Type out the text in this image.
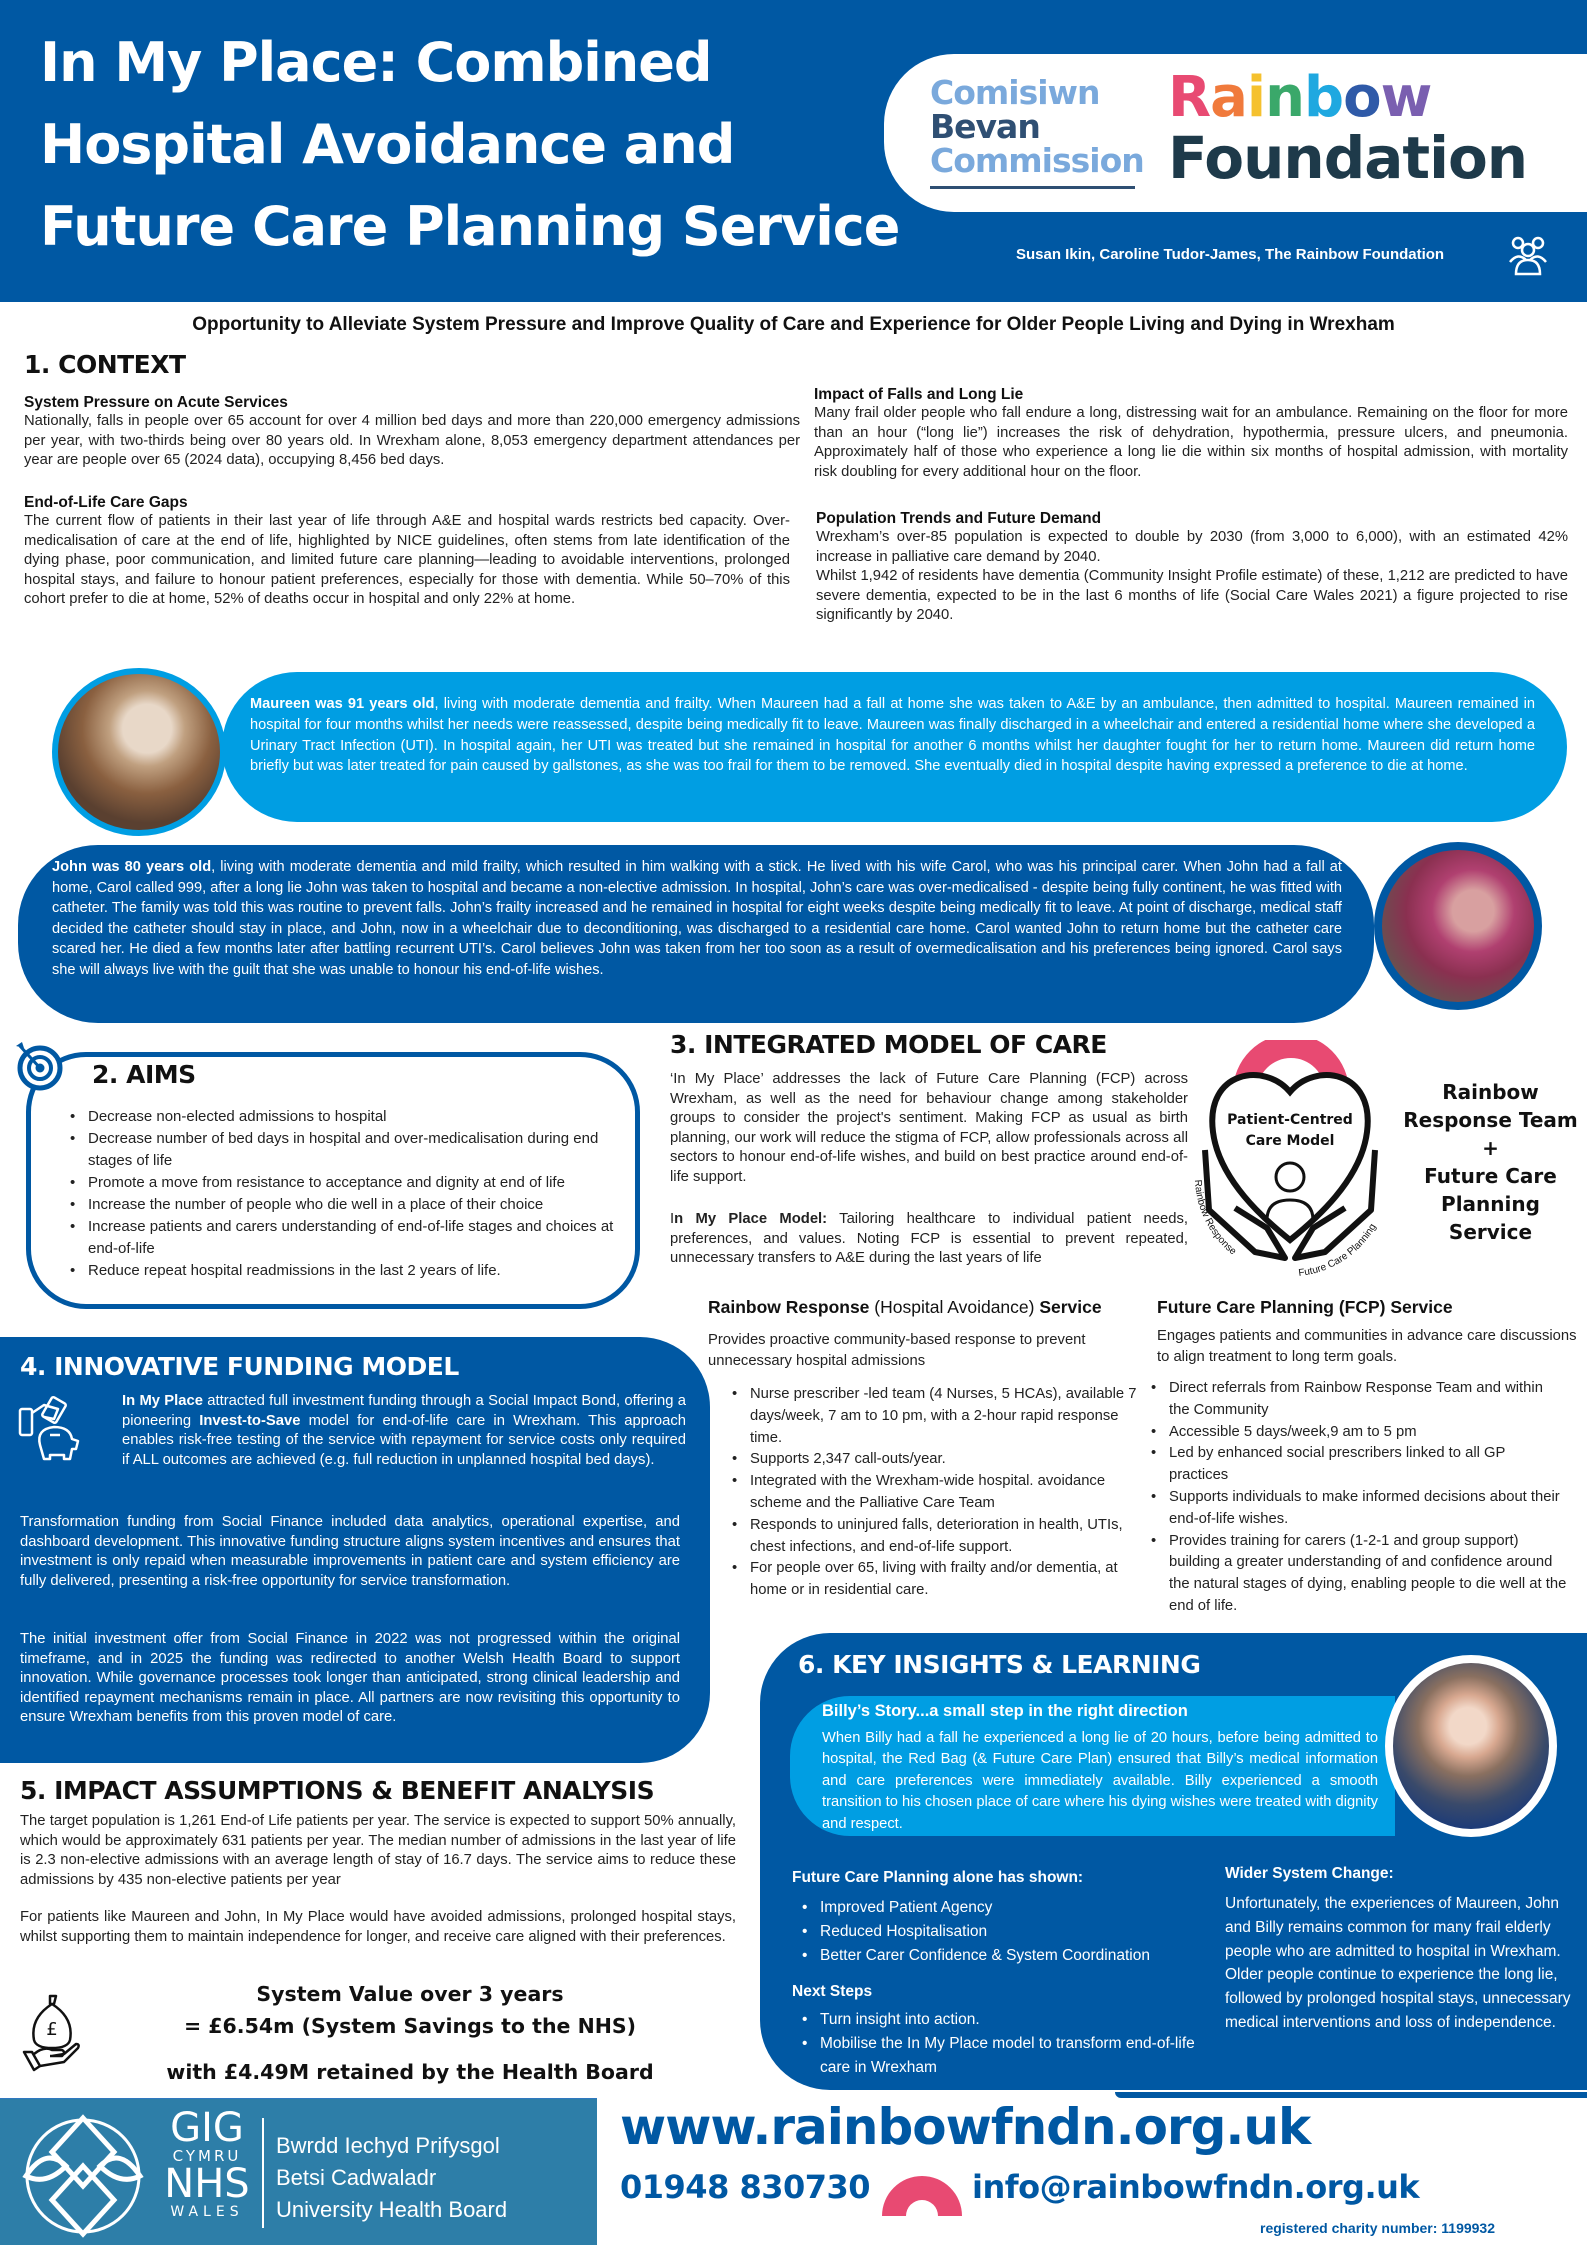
In My Place: Combined
Hospital Avoidance and
Future Care Planning Service
Comisiwn
Bevan
Commission
Rainbow
Foundation
Susan Ikin, Caroline Tudor-James, The Rainbow Foundation
Opportunity to Alleviate System Pressure and Improve Quality of Care and Experience for Older People Living and Dying in Wrexham
1. CONTEXT
System Pressure on Acute Services
Nationally, falls in people over 65 account for over 4 million bed days and more than 220,000 emergency admissions per year, with two-thirds being over 80 years old. In Wrexham alone, 8,053 emergency department attendances per year are people over 65 (2024 data), occupying 8,456 bed days.
End-of-Life Care Gaps
The current flow of patients in their last year of life through A&E and hospital wards restricts bed capacity. Over-medicalisation of care at the end of life, highlighted by NICE guidelines, often stems from late identification of the dying phase, poor communication, and limited future care planning—leading to avoidable interventions, prolonged hospital stays, and failure to honour patient preferences, especially for those with dementia. While 50–70% of this cohort prefer to die at home, 52% of deaths occur in hospital and only 22% at home.
Impact of Falls and Long Lie
Many frail older people who fall endure a long, distressing wait for an ambulance. Remaining on the floor for more than an hour (“long lie”) increases the risk of dehydration, hypothermia, pressure ulcers, and pneumonia. Approximately half of those who experience a long lie die within six months of hospital admission, with mortality risk doubling for every additional hour on the floor.
Population Trends and Future Demand
Wrexham’s over-85 population is expected to double by 2030 (from 3,000 to 6,000), with an estimated 42% increase in palliative care demand by 2040.
Whilst 1,942 of residents have dementia (Community Insight Profile estimate) of these, 1,212 are predicted to have severe dementia, expected to be in the last 6 months of life (Social Care Wales 2021) a figure projected to rise significantly by 2040.
Maureen was 91 years old, living with moderate dementia and frailty. When Maureen had a fall at home she was taken to A&E by an ambulance, then admitted to hospital. Maureen remained in hospital for four months whilst her needs were reassessed, despite being medically fit to leave. Maureen was finally discharged in a wheelchair and entered a residential home where she developed a Urinary Tract Infection (UTI). In hospital again, her UTI was treated but she remained in hospital for another 6 months whilst her daughter fought for her to return home. Maureen did return home briefly but was later treated for pain caused by gallstones, as she was too frail for them to be removed. She eventually died in hospital despite having expressed a preference to die at home.
John was 80 years old, living with moderate dementia and mild frailty, which resulted in him walking with a stick. He lived with his wife Carol, who was his principal carer. When John had a fall at home, Carol called 999, after a long lie John was taken to hospital and became a non-elective admission. In hospital, John’s care was over-medicalised - despite being fully continent, he was fitted with catheter. The family was told this was routine to prevent falls. John’s frailty increased and he remained in hospital for eight weeks despite being medically fit to leave. At point of discharge, medical staff decided the catheter should stay in place, and John, now in a wheelchair due to deconditioning, was discharged to a residential care home. Carol wanted John to return home but the catheter care scared her. He died a few months later after battling recurrent UTI’s. Carol believes John was taken from her too soon as a result of overmedicalisation and his preferences being ignored. Carol says she will always live with the guilt that she was unable to honour his end-of-life wishes.
2. AIMS
• Decrease non-elected admissions to hospital
• Decrease number of bed days in hospital and over-medicalisation during end stages of life
• Promote a move from resistance to acceptance and dignity at end of life
• Increase the number of people who die well in a place of their choice
• Increase patients and carers understanding of end-of-life stages and choices at end-of-life
• Reduce repeat hospital readmissions in the last 2 years of life.
3. INTEGRATED MODEL OF CARE
‘In My Place’ addresses the lack of Future Care Planning (FCP) across Wrexham, as well as the need for behaviour change among stakeholder groups to consider the project's sentiment. Making FCP as usual as birth planning, our work will reduce the stigma of FCP, allow professionals across all sectors to honour end-of-life wishes, and build on best practice around end-of-life support.
In My Place Model: Tailoring healthcare to individual patient needs, preferences, and values. Noting FCP is essential to prevent repeated, unnecessary transfers to A&E during the last years of life
Patient-Centred
Care Model
Rainbow Response
Future Care Planning
Rainbow
Response Team
+
Future Care
Planning Service
Rainbow Response (Hospital Avoidance) Service
Provides proactive community-based response to prevent unnecessary hospital admissions
• Nurse prescriber -led team (4 Nurses, 5 HCAs), available 7 days/week, 7 am to 10 pm, with a 2-hour rapid response time.
• Supports 2,347 call-outs/year.
• Integrated with the Wrexham-wide hospital. avoidance scheme and the Palliative Care Team
• Responds to uninjured falls, deterioration in health, UTIs, chest infections, and end-of-life support.
• For people over 65, living with frailty and/or dementia, at home or in residential care.
Future Care Planning (FCP) Service
Engages patients and communities in advance care discussions to align treatment to long term goals.
• Direct referrals from Rainbow Response Team and within the Community
• Accessible 5 days/week,9 am to 5 pm
• Led by enhanced social prescribers linked to all GP practices
• Supports individuals to make informed decisions about their end-of-life wishes.
• Provides training for carers (1-2-1 and group support) building a greater understanding of and confidence around the natural stages of dying, enabling people to die well at the end of life.
4. INNOVATIVE FUNDING MODEL
In My Place attracted full investment funding through a Social Impact Bond, offering a pioneering Invest-to-Save model for end-of-life care in Wrexham. This approach enables risk-free testing of the service with repayment for service costs only required if ALL outcomes are achieved (e.g. full reduction in unplanned hospital bed days).
Transformation funding from Social Finance included data analytics, operational expertise, and dashboard development. This innovative funding structure aligns system incentives and ensures that investment is only repaid when measurable improvements in patient care and system efficiency are fully delivered, presenting a risk-free opportunity for service transformation.
The initial investment offer from Social Finance in 2022 was not progressed within the original timeframe, and in 2025 the funding was redirected to another Welsh Health Board to support innovation. While governance processes took longer than anticipated, strong clinical leadership and identified repayment mechanisms remain in place. All partners are now revisiting this opportunity to ensure Wrexham benefits from this proven model of care.
5. IMPACT ASSUMPTIONS & BENEFIT ANALYSIS
The target population is 1,261 End-of Life patients per year. The service is expected to support 50% annually, which would be approximately 631 patients per year. The median number of admissions in the last year of life is 2.3 non-elective admissions with an average length of stay of 16.7 days. The service aims to reduce these admissions by 435 non-elective patients per year
For patients like Maureen and John, In My Place would have avoided admissions, prolonged hospital stays, whilst supporting them to maintain independence for longer, and receive care aligned with their preferences.
£
System Value over 3 years
= £6.54m (System Savings to the NHS)
with £4.49M retained by the Health Board
6. KEY INSIGHTS & LEARNING
Billy’s Story...a small step in the right direction
When Billy had a fall he experienced a long lie of 20 hours, before being admitted to hospital, the Red Bag (& Future Care Plan) ensured that Billy’s medical information and care preferences were immediately available. Billy experienced a smooth transition to his chosen place of care where his dying wishes were treated with dignity and respect.
Future Care Planning alone has shown:
• Improved Patient Agency
• Reduced Hospitalisation
• Better Carer Confidence & System Coordination
Next Steps
• Turn insight into action.
• Mobilise the In My Place model to transform end-of-life care in Wrexham
Wider System Change:
Unfortunately, the experiences of Maureen, John and Billy remains common for many frail elderly people who are admitted to hospital in Wrexham. Older people continue to experience the long lie, followed by prolonged hospital stays, unnecessary medical interventions and loss of independence.
GIG
CYMRU
NHS
WALES
Bwrdd Iechyd Prifysgol
Betsi Cadwaladr
University Health Board
www.rainbowfndn.org.uk
01948 830730	info@rainbowfndn.org.uk
registered charity number: 1199932
